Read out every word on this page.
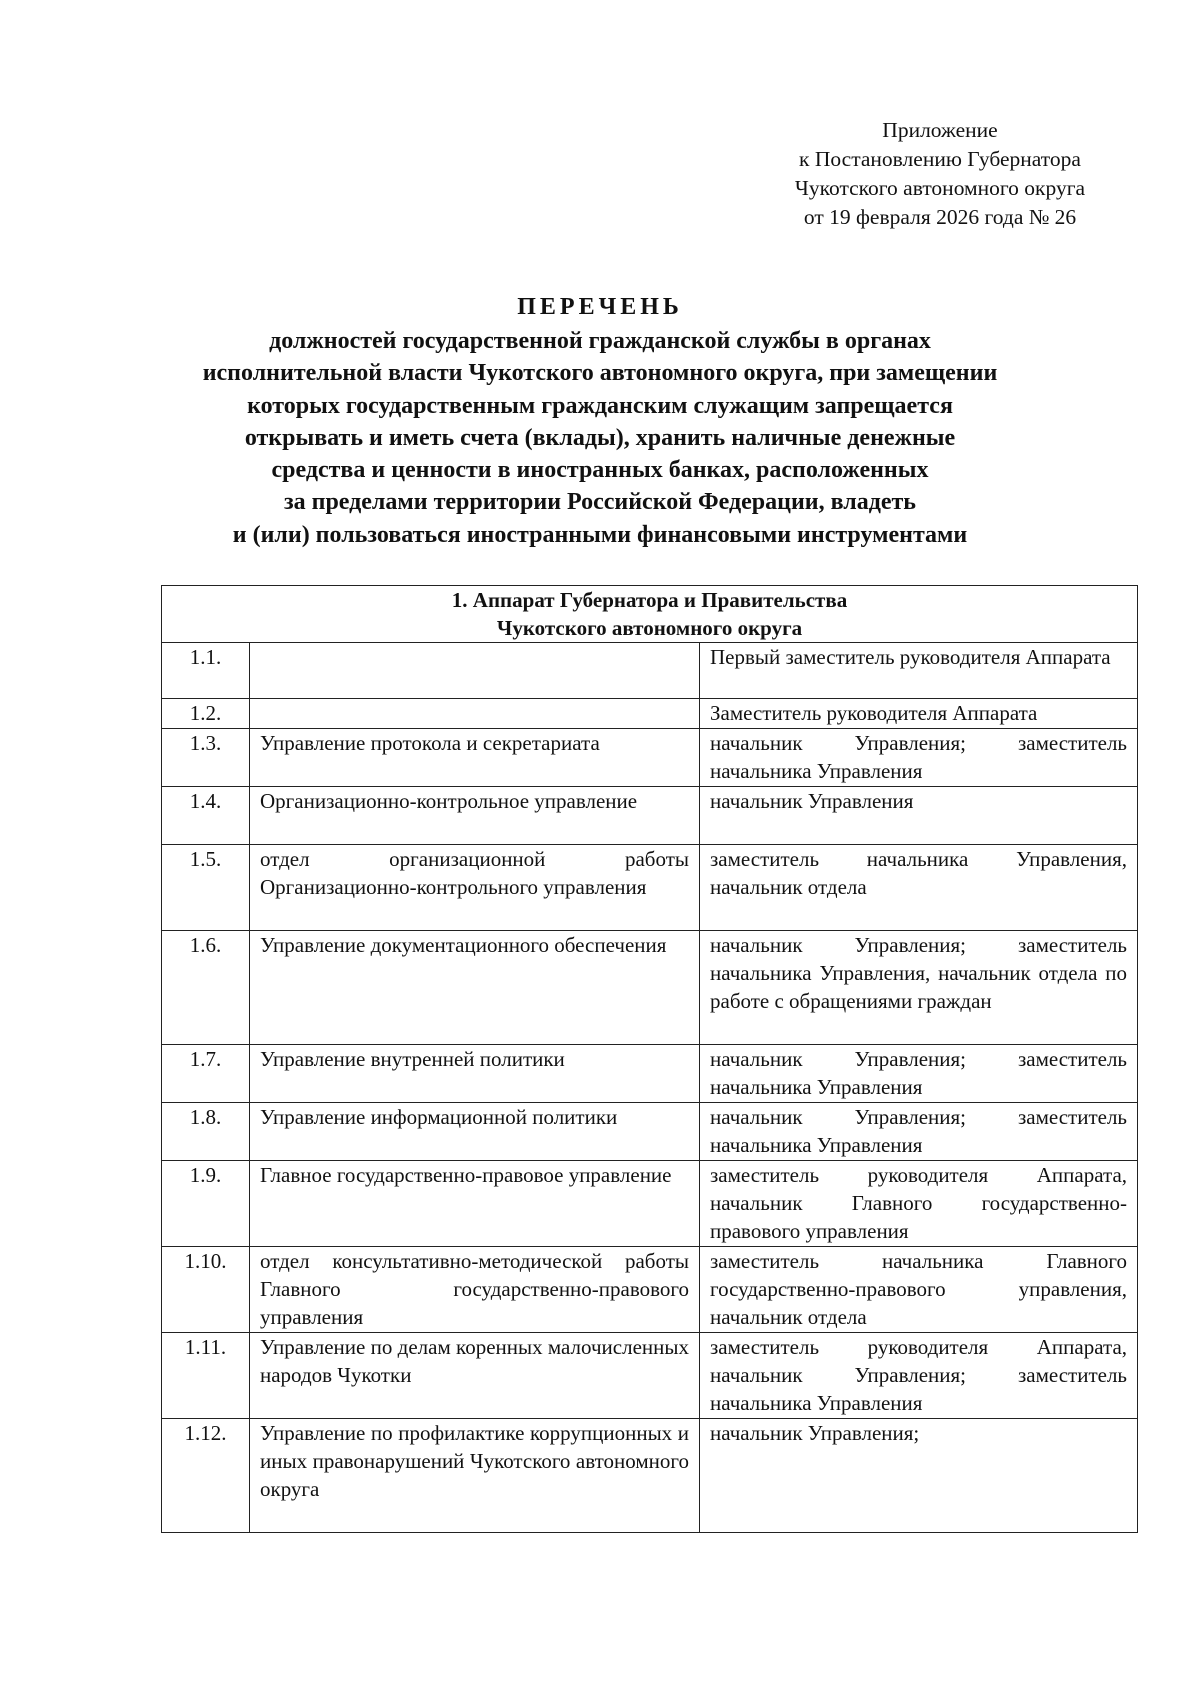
Приложение
к Постановлению Губернатора
Чукотского автономного округа
от 19 февраля 2026 года № 26
ПЕРЕЧЕНЬ
должностей государственной гражданской службы в органах
исполнительной власти Чукотского автономного округа, при замещении
которых государственным гражданским служащим запрещается
открывать и иметь счета (вклады), хранить наличные денежные
средства и ценности в иностранных банках, расположенных
за пределами территории Российской Федерации, владеть
и (или) пользоваться иностранными финансовыми инструментами
1. Аппарат Губернатора и Правительства
Чукотского автономного округа		

1.1.		Первый заместитель руководителя Аппарата
1.2.		Заместитель руководителя Аппарата
1.3.	Управление протокола и секретариата	начальник Управления; заместитель начальника Управления
1.4.	Организационно-контрольное управление	начальник Управления
1.5.	отдел организационной работы Организационно-контрольного управления	заместитель начальника Управления, начальник отдела
1.6.	Управление документационного обеспечения	начальник Управления; заместитель начальника Управления, начальник отдела по работе с обращениями граждан
1.7.	Управление внутренней политики	начальник Управления; заместитель начальника Управления
1.8.	Управление информационной политики	начальник Управления; заместитель начальника Управления
1.9.	Главное государственно-правовое управление	заместитель руководителя Аппарата, начальник Главного государственно-правового управления
1.10.	отдел консультативно-методической работы Главного государственно-правового управления	заместитель начальника Главного государственно-правового управления, начальник отдела
1.11.	Управление по делам коренных малочисленных народов Чукотки	заместитель руководителя Аппарата, начальник Управления; заместитель начальника Управления
1.12.	Управление по профилактике коррупционных и иных правонарушений Чукотского автономного округа	начальник Управления;
